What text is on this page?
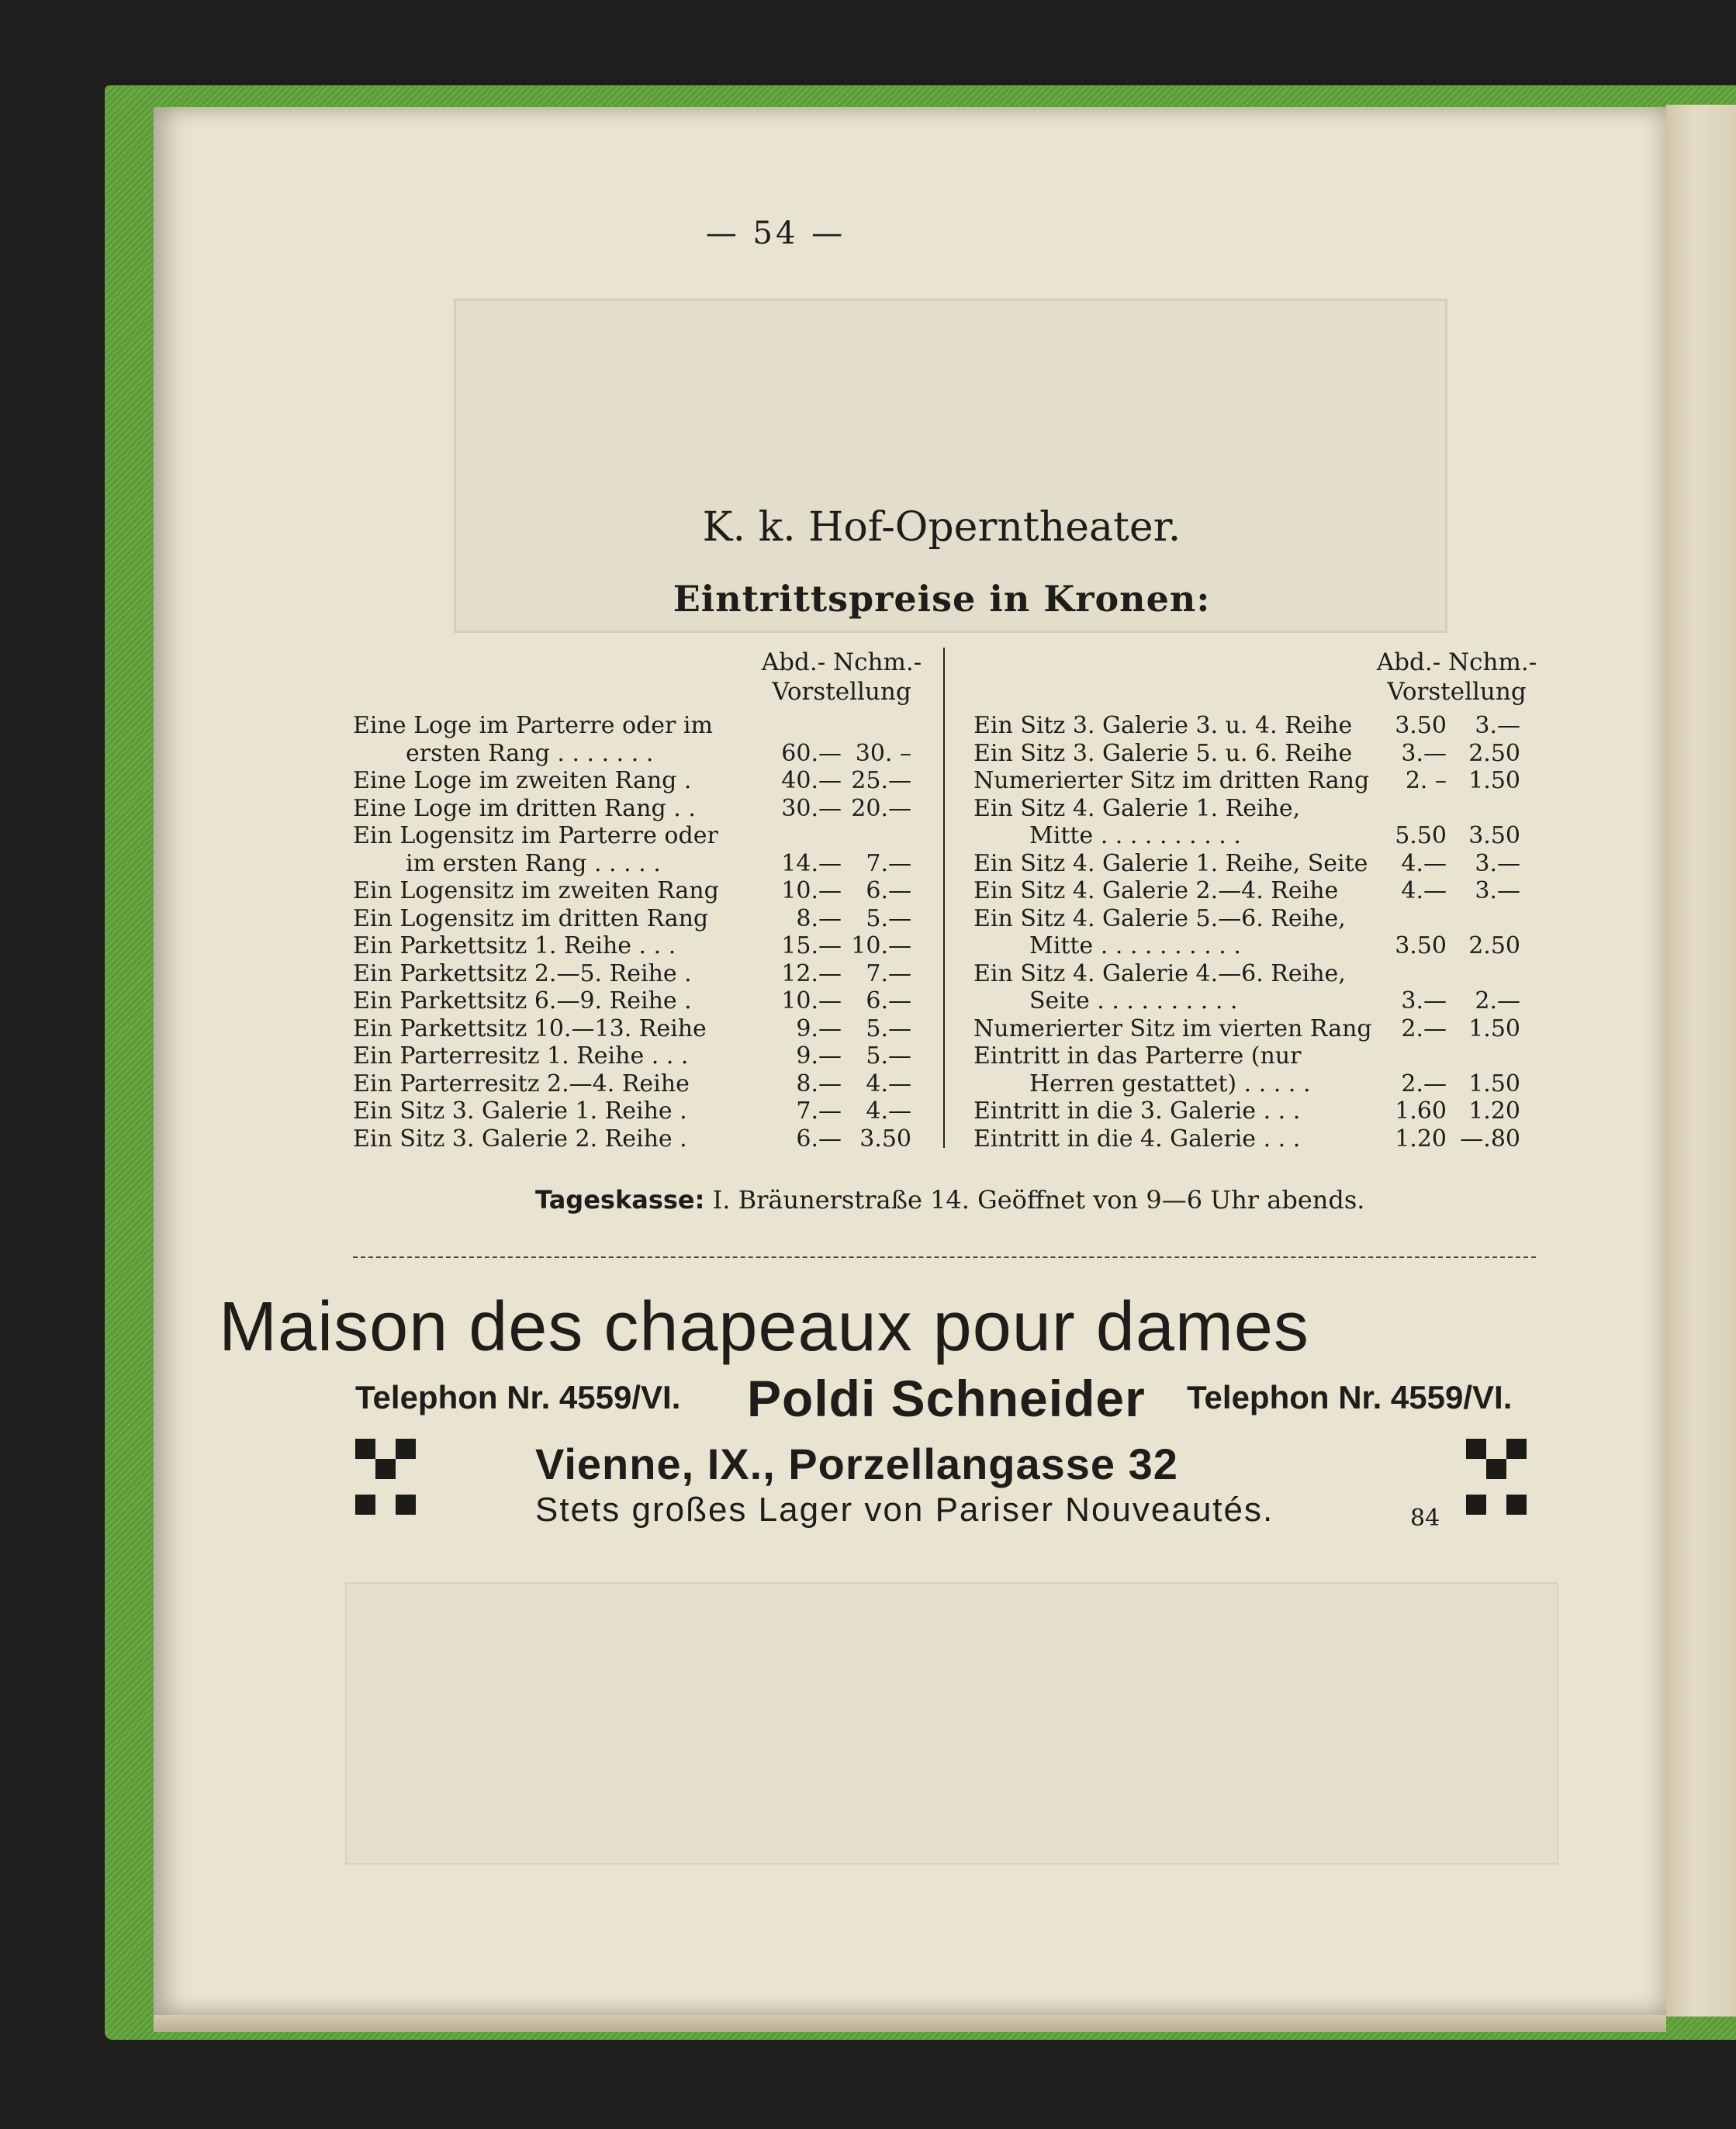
— 54 —
K. k. Hof-Operntheater.
Eintrittspreise in Kronen:
Abd.- Nchm.-
Vorstellung
Abd.- Nchm.-
Vorstellung
Eine Loge im Parterre oder im
ersten Rang . . . . . . .	60.— 30. –
Eine Loge im zweiten Rang .	40.— 25.—
Eine Loge im dritten Rang . .	30.— 20.—
Ein Logensitz im Parterre oder
im ersten Rang . . . . .	14.—	7.—
Ein Logensitz im zweiten Rang	10.—	6.—
Ein Logensitz im dritten Rang	8.—	5.—
Ein Parkettsitz 1. Reihe . . .	15.— 10.—
Ein Parkettsitz 2.—5. Reihe .	12.—	7.—
Ein Parkettsitz 6.—9. Reihe .	10.—	6.—
Ein Parkettsitz 10.—13. Reihe	9.—	5.—
Ein Parterresitz 1. Reihe . . .	9.—	5.—
Ein Parterresitz 2.—4. Reihe	8.—	4.—
Ein Sitz 3. Galerie 1. Reihe .	7.—	4.—
Ein Sitz 3. Galerie 2. Reihe .	6.— 3.50
Ein Sitz 3. Galerie 3. u. 4. Reihe	3.50	3.—
Ein Sitz 3. Galerie 5. u. 6. Reihe	3.— 2.50
Numerierter Sitz im dritten Rang	2. – 1.50
Ein Sitz 4. Galerie 1. Reihe,
Mitte . . . . . . . . . .	5.50 3.50
Ein Sitz 4. Galerie 1. Reihe, Seite	4.—	3.—
Ein Sitz 4. Galerie 2.—4. Reihe	4.—	3.—
Ein Sitz 4. Galerie 5.—6. Reihe,
Mitte . . . . . . . . . .	3.50 2.50
Ein Sitz 4. Galerie 4.—6. Reihe,
Seite . . . . . . . . . .	3.—	2.—
Numerierter Sitz im vierten Rang	2.— 1.50
Eintritt in das Parterre (nur
Herren gestattet) . . . . .	2.— 1.50
Eintritt in die 3. Galerie . . .	1.60 1.20
Eintritt in die 4. Galerie . . .	1.20 —.80
Tageskasse: I. Bräunerstraße 14. Geöffnet von 9—6 Uhr abends.
Maison des chapeaux pour dames
Telephon Nr. 4559/VI. Poldi Schneider Telephon Nr. 4559/VI.
Vienne, IX., Porzellangasse 32
Stets großes Lager von Pariser Nouveautés.	84
